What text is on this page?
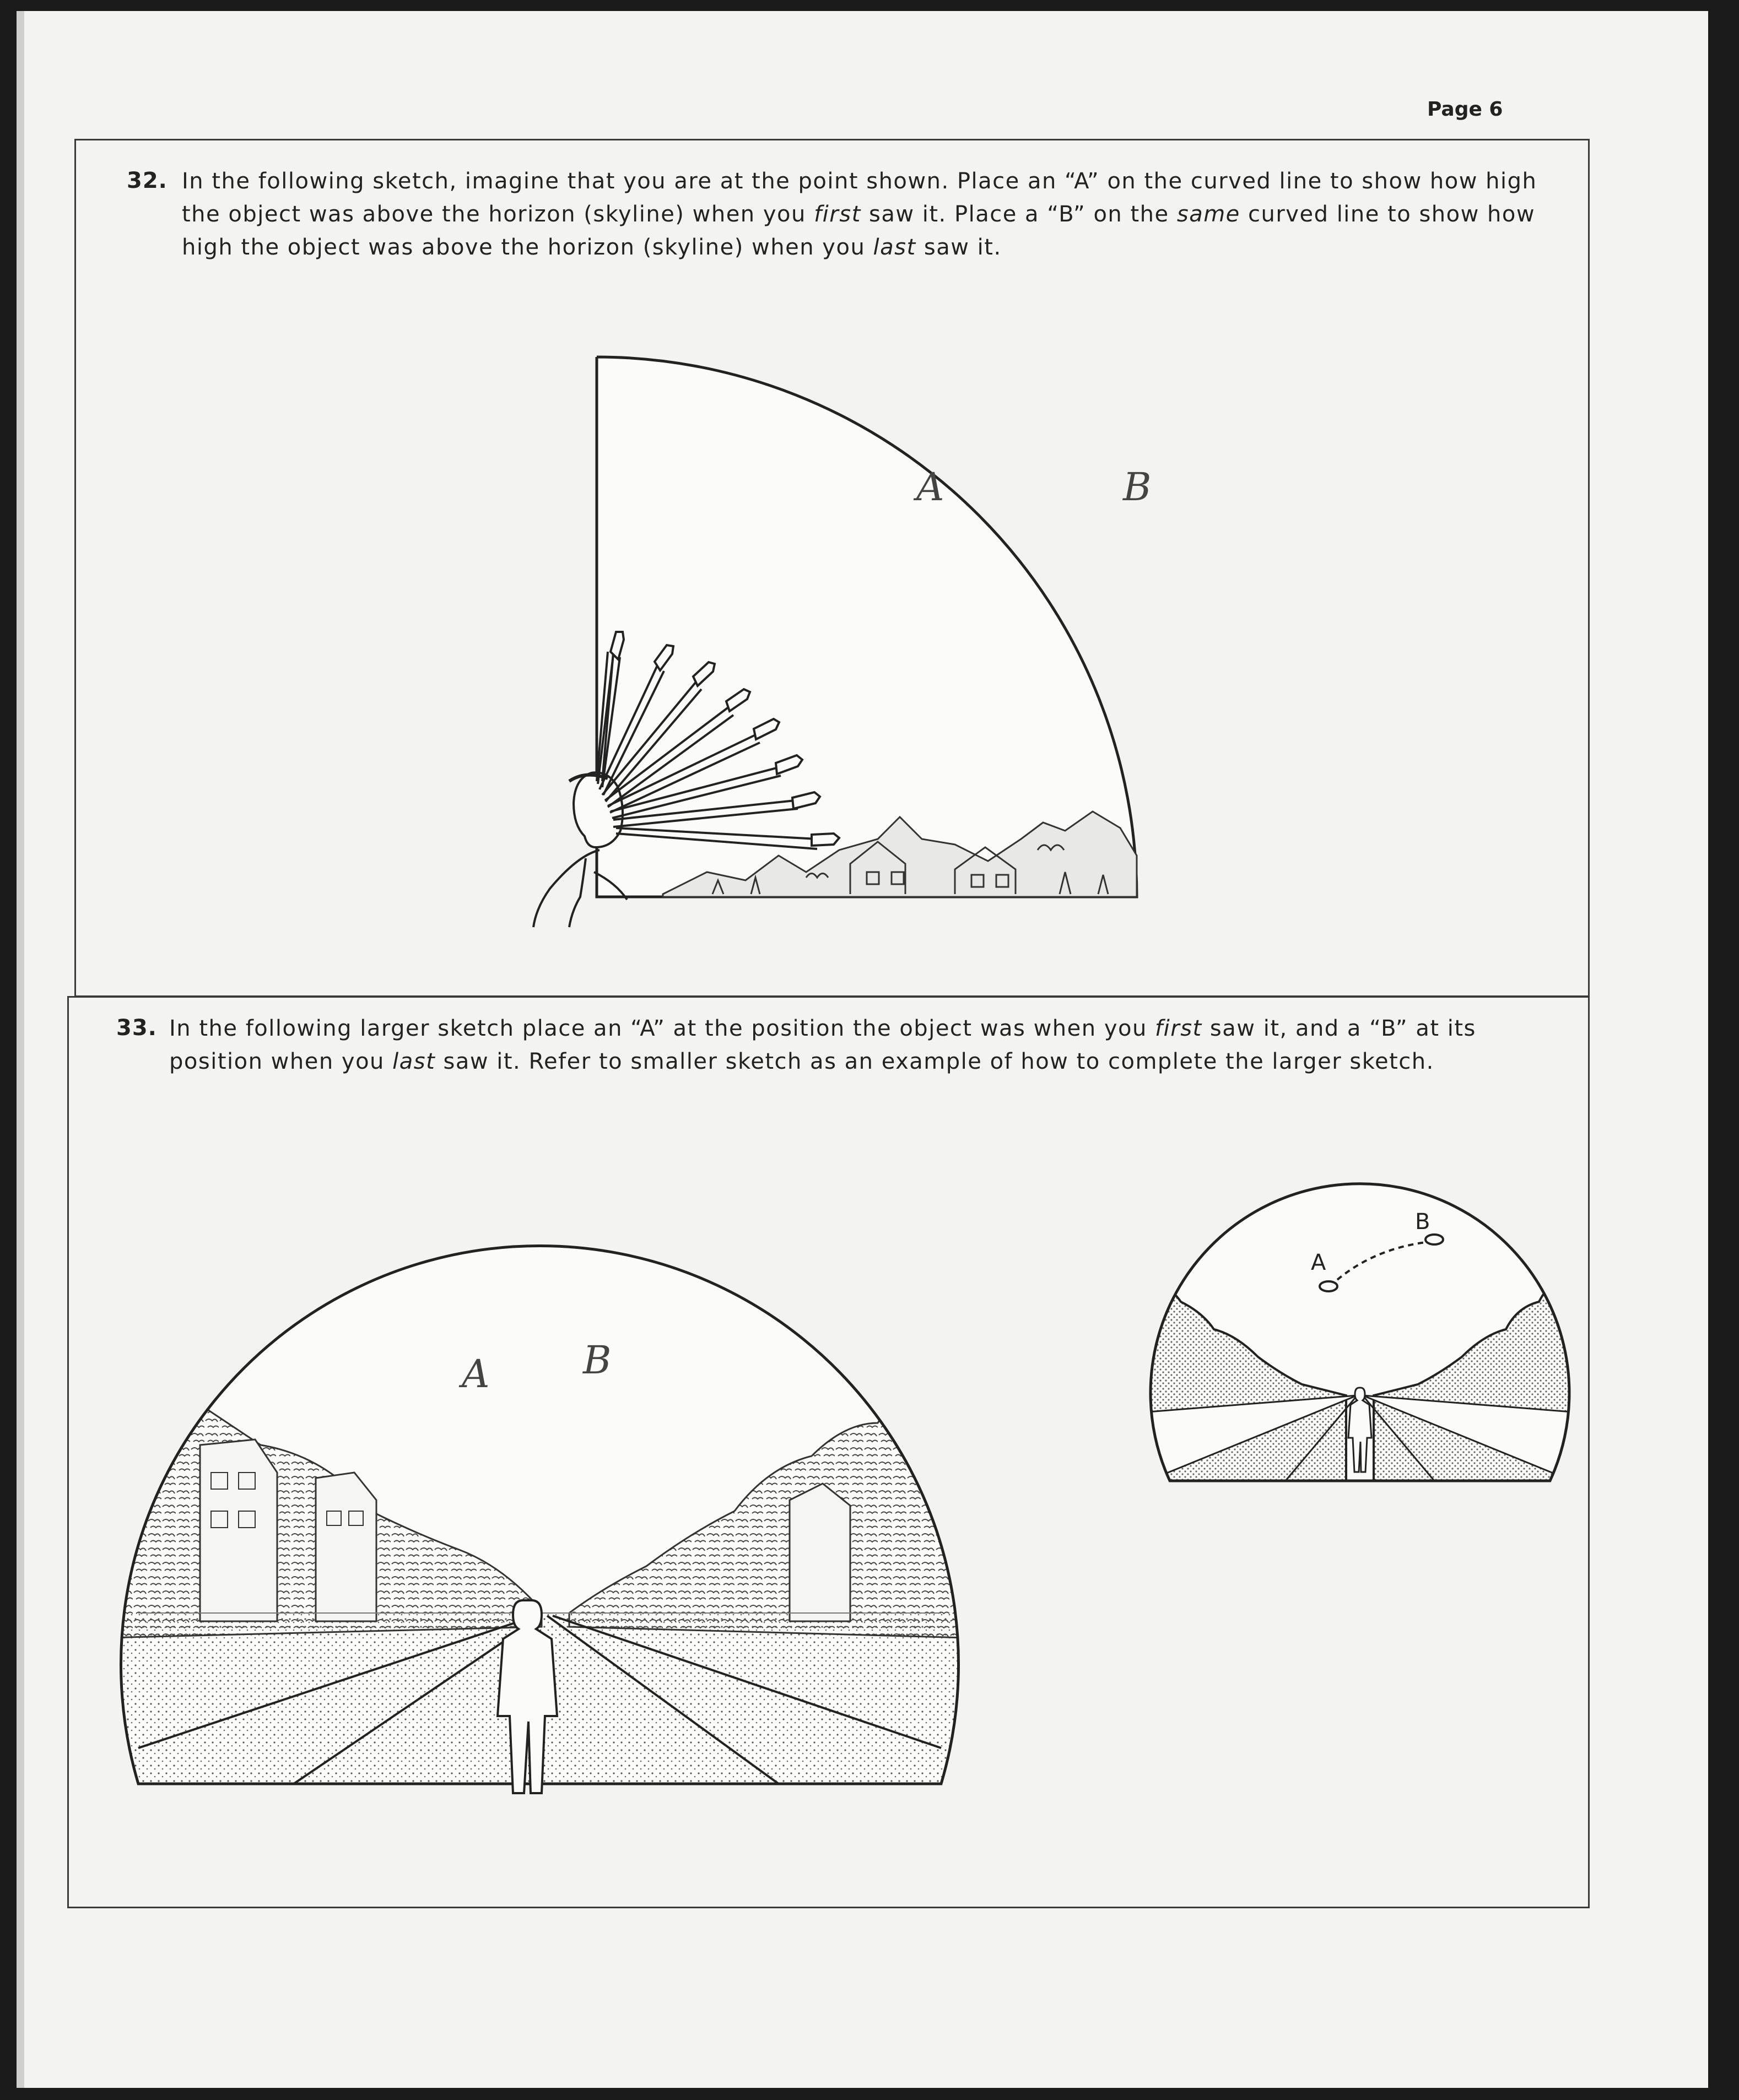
Page 6
32. In the following sketch, imagine that you are at the point shown. Place an “A” on the curved line to show how high the object was above the horizon (skyline) when you first saw it. Place a “B” on the same curved line to show how high the object was above the horizon (skyline) when you last saw it.
A	B
33. In the following larger sketch place an “A” at the position the object was when you first saw it, and a “B” at its position when you last saw it. Refer to smaller sketch as an example of how to complete the larger sketch.
A B
A
B
